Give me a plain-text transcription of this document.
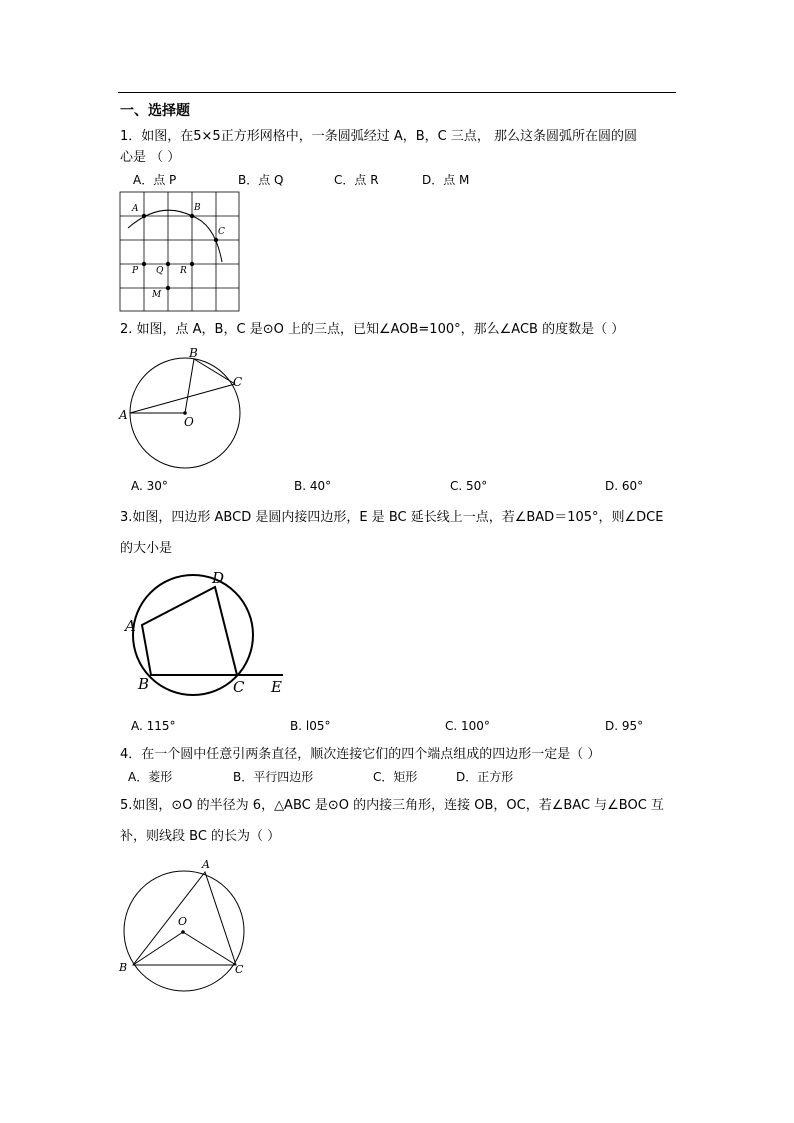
一、选择题
1．如图，在5×5正方形网格中，一条圆弧经过 A，B，C 三点， 那么这条圆弧所在圆的圆
心是 （ ）
A．点 P	B．点 Q	C．点 R	D．点 M
A	B
C
P Q R
M
2. 如图，点 A，B，C 是⊙O 上的三点，已知∠AOB=100°，那么∠ACB 的度数是（ ）
A
B
C
O
A. 30°	B. 40°	C. 50°	D. 60°
3.如图，四边形 ABCD 是圆内接四边形，E 是 BC 延长线上一点，若∠BAD＝105°，则∠DCE
的大小是
A
B	C
D
E
A. 115°	B. l05°	C. 100°	D. 95°
4．在一个圆中任意引两条直径，顺次连接它们的四个端点组成的四边形一定是（ ）
A．菱形	B．平行四边形	C．矩形	D．正方形
5.如图，⊙O 的半径为 6，△ABC 是⊙O 的内接三角形，连接 OB，OC，若∠BAC 与∠BOC 互
补，则线段 BC 的长为（ ）
A
B	C
O
